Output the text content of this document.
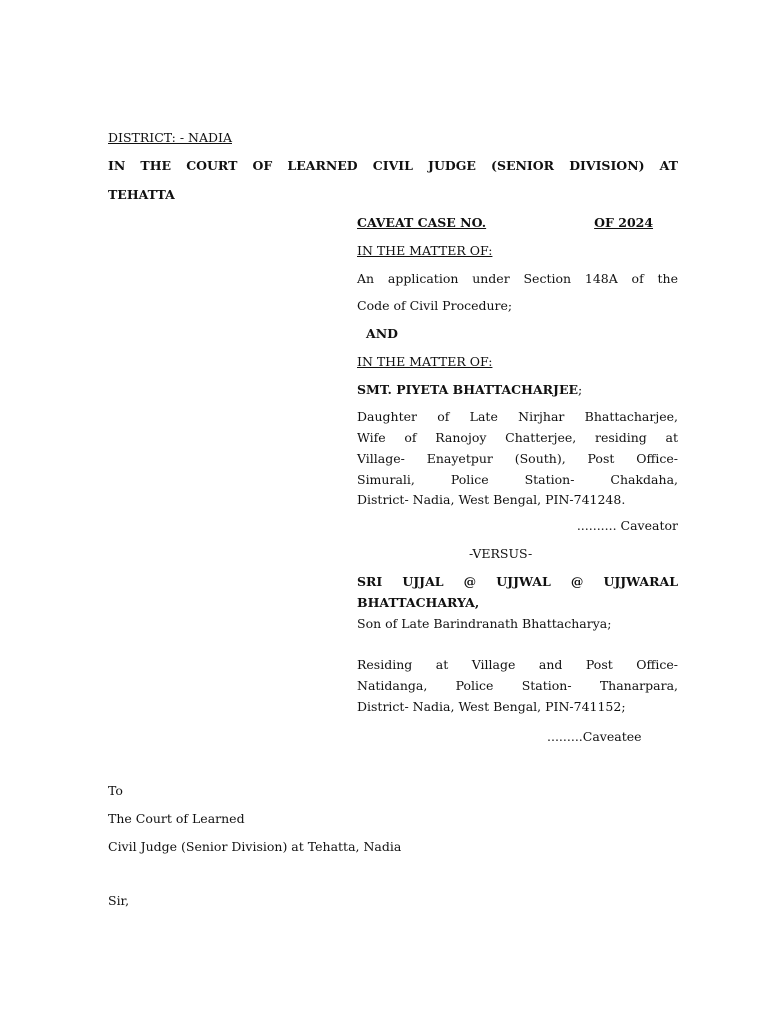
DISTRICT: - NADIA
IN THE COURT OF LEARNED CIVIL JUDGE (SENIOR DIVISION) AT
TEHATTA
CAVEAT CASE NO.	OF 2024
IN THE MATTER OF:
An application under Section 148A of the
Code of Civil Procedure;
AND
IN THE MATTER OF:
SMT. PIYETA BHATTACHARJEE;
Daughter of Late Nirjhar Bhattacharjee,
Wife of Ranojoy Chatterjee, residing at
Village- Enayetpur (South), Post Office-
Simurali, Police Station- Chakdaha,
District- Nadia, West Bengal, PIN-741248.
.......... Caveator
-VERSUS-
SRI UJJAL @ UJJWAL @ UJJWARAL
BHATTACHARYA,
Son of Late Barindranath Bhattacharya;
Residing at Village and Post Office-
Natidanga, Police Station- Thanarpara,
District- Nadia, West Bengal, PIN-741152;
.........Caveatee
To
The Court of Learned
Civil Judge (Senior Division) at Tehatta, Nadia
Sir,
